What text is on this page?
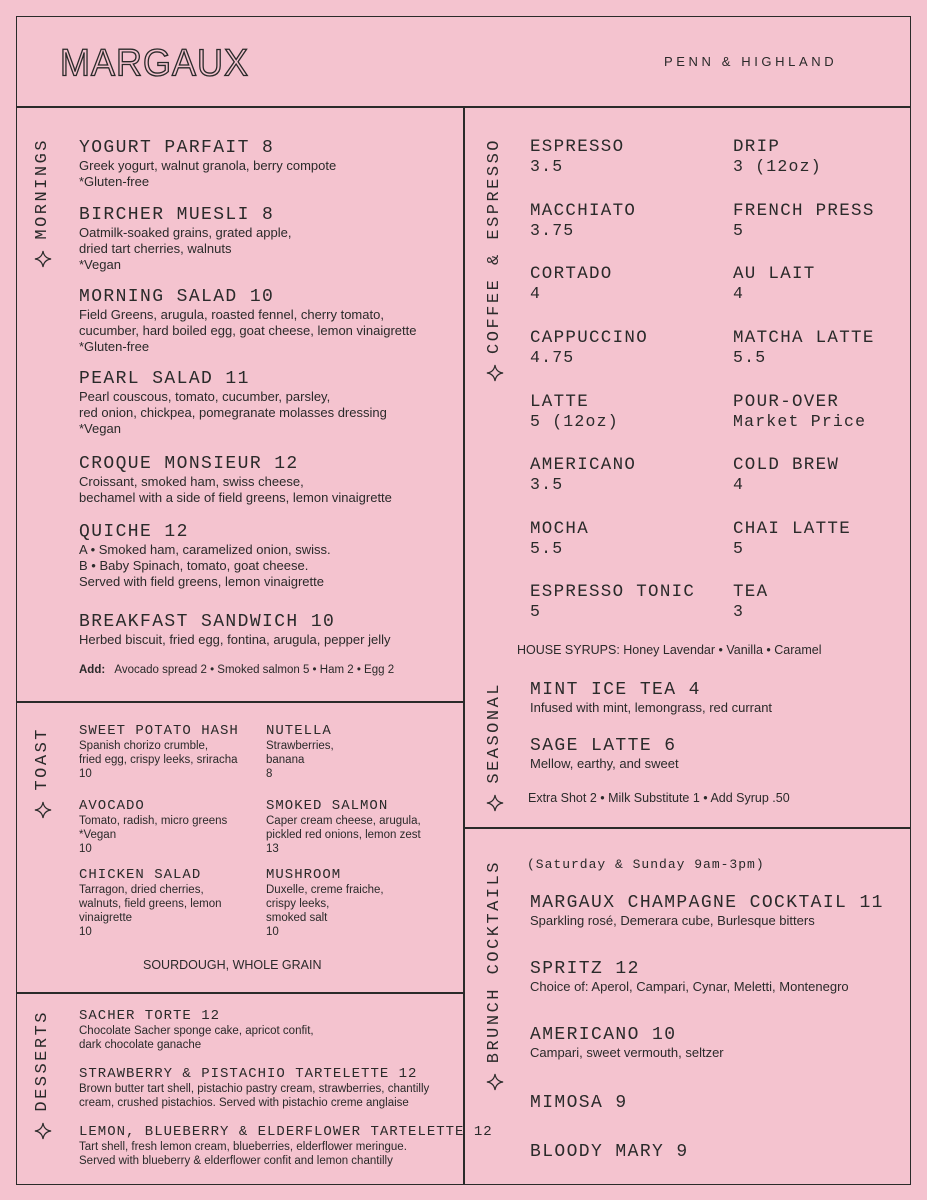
MARGAUX	PENN & HIGHLAND
MORNINGS
TOAST
DESSERTS
COFFEE & ESPRESSO
SEASONAL
BRUNCH COCKTAILS
YOGURT PARFAIT 8
Greek yogurt, walnut granola, berry compote
*Gluten-free
BIRCHER MUESLI 8
Oatmilk-soaked grains, grated apple,
dried tart cherries, walnuts
*Vegan
MORNING SALAD 10
Field Greens, arugula, roasted fennel, cherry tomato,
cucumber, hard boiled egg, goat cheese, lemon vinaigrette
*Gluten-free
PEARL SALAD 11
Pearl couscous, tomato, cucumber, parsley,
red onion, chickpea, pomegranate molasses dressing
*Vegan
CROQUE MONSIEUR 12
Croissant, smoked ham, swiss cheese,
bechamel with a side of field greens, lemon vinaigrette
QUICHE 12
A • Smoked ham, caramelized onion, swiss.
B • Baby Spinach, tomato, goat cheese.
Served with field greens, lemon vinaigrette
BREAKFAST SANDWICH 10
Herbed biscuit, fried egg, fontina, arugula, pepper jelly
Add: Avocado spread 2 • Smoked salmon 5 • Ham 2 • Egg 2
SWEET POTATO HASH
Spanish chorizo crumble,
fried egg, crispy leeks, sriracha
10
NUTELLA
Strawberries,
banana
8
AVOCADO
Tomato, radish, micro greens
*Vegan
10
SMOKED SALMON
Caper cream cheese, arugula,
pickled red onions, lemon zest
13
CHICKEN SALAD
Tarragon, dried cherries,
walnuts, field greens, lemon
vinaigrette
10
MUSHROOM
Duxelle, creme fraiche,
crispy leeks,
smoked salt
10
SOURDOUGH, WHOLE GRAIN
SACHER TORTE 12
Chocolate Sacher sponge cake, apricot confit,
dark chocolate ganache
STRAWBERRY & PISTACHIO TARTELETTE 12
Brown butter tart shell, pistachio pastry cream, strawberries, chantilly
cream, crushed pistachios. Served with pistachio creme anglaise
LEMON, BLUEBERRY & ELDERFLOWER TARTELETTE 12
Tart shell, fresh lemon cream, blueberries, elderflower meringue.
Served with blueberry & elderflower confit and lemon chantilly
ESPRESSO
3.5
DRIP
3 (12oz)
MACCHIATO
3.75
FRENCH PRESS
5
CORTADO
4
AU LAIT
4
CAPPUCCINO
4.75
MATCHA LATTE
5.5
LATTE
5 (12oz)
POUR-OVER
Market Price
AMERICANO
3.5
COLD BREW
4
MOCHA
5.5
CHAI LATTE
5
ESPRESSO TONIC
5
TEA
3
HOUSE SYRUPS: Honey Lavendar • Vanilla • Caramel
MINT ICE TEA 4
Infused with mint, lemongrass, red currant
SAGE LATTE 6
Mellow, earthy, and sweet
Extra Shot 2 • Milk Substitute 1 • Add Syrup .50
(Saturday & Sunday 9am-3pm)
MARGAUX CHAMPAGNE COCKTAIL 11
Sparkling rosé, Demerara cube, Burlesque bitters
SPRITZ 12
Choice of: Aperol, Campari, Cynar, Meletti, Montenegro
AMERICANO 10
Campari, sweet vermouth, seltzer
MIMOSA 9
BLOODY MARY 9
